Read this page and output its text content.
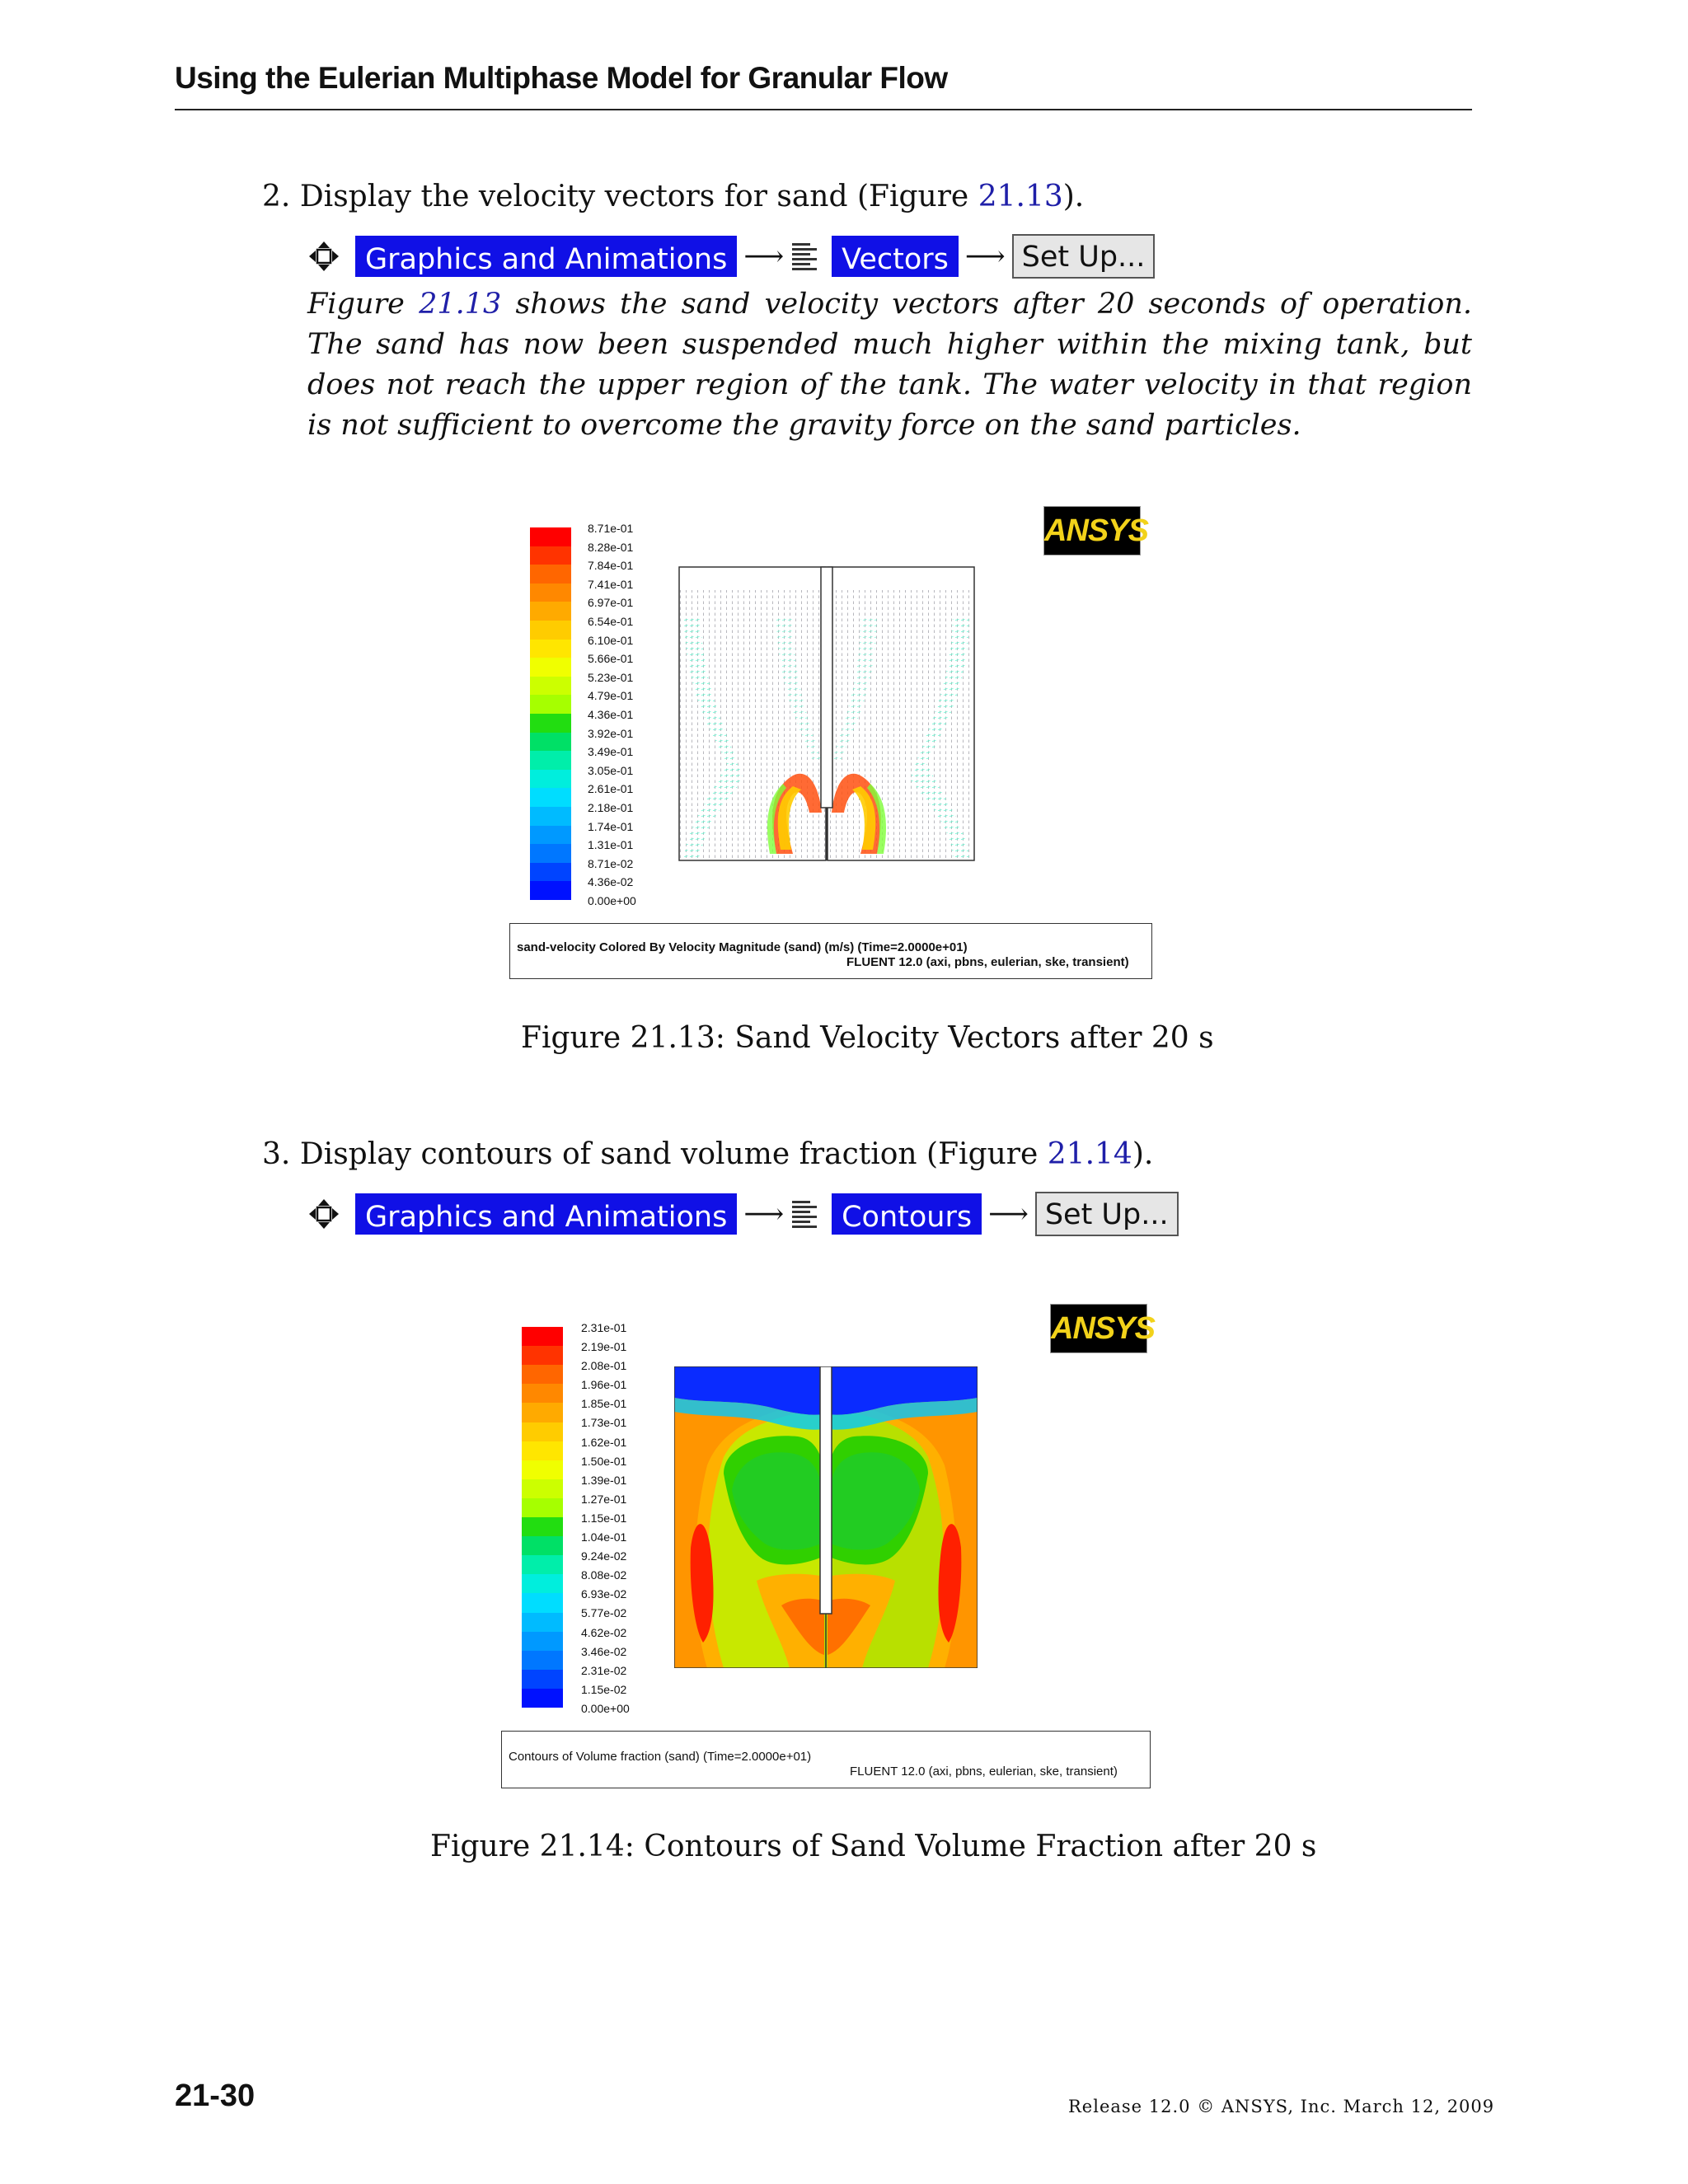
Using the Eulerian Multiphase Model for Granular Flow
2. Display the velocity vectors for sand (Figure 21.13).
Graphics and Animations ⟶	Vectors ⟶ Set Up...
Figure 21.13 shows the sand velocity vectors after 20 seconds of operation. The sand has now been suspended much higher within the mixing tank, but does not reach the upper region of the tank. The water velocity in that region is not sufficient to overcome the gravity force on the sand particles.
ANSYS
8.71e-01
8.28e-01
7.84e-01
7.41e-01
6.97e-01
6.54e-01
6.10e-01
5.66e-01
5.23e-01
4.79e-01
4.36e-01
3.92e-01
3.49e-01
3.05e-01
2.61e-01
2.18e-01
1.74e-01
1.31e-01
8.71e-02
4.36e-02
0.00e+00
sand-velocity Colored By Velocity Magnitude (sand) (m/s) (Time=2.0000e+01)
FLUENT 12.0 (axi, pbns, eulerian, ske, transient)
Figure 21.13: Sand Velocity Vectors after 20 s
3. Display contours of sand volume fraction (Figure 21.14).
Graphics and Animations ⟶	Contours ⟶ Set Up...
ANSYS
2.31e-01
2.19e-01
2.08e-01
1.96e-01
1.85e-01
1.73e-01
1.62e-01
1.50e-01
1.39e-01
1.27e-01
1.15e-01
1.04e-01
9.24e-02
8.08e-02
6.93e-02
5.77e-02
4.62e-02
3.46e-02
2.31e-02
1.15e-02
0.00e+00
Contours of Volume fraction (sand) (Time=2.0000e+01)
FLUENT 12.0 (axi, pbns, eulerian, ske, transient)
Figure 21.14: Contours of Sand Volume Fraction after 20 s
21-30	Release 12.0 © ANSYS, Inc. March 12, 2009
